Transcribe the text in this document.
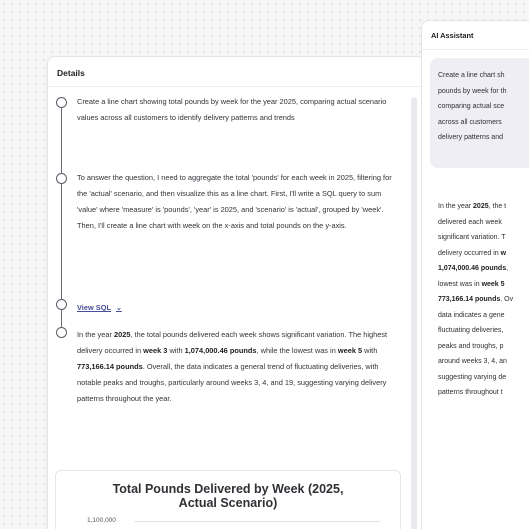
Details
Create a line chart showing total pounds by week for the year 2025, comparing actual scenario values across all customers to identify delivery patterns and trends
To answer the question, I need to aggregate the total 'pounds' for each week in 2025, filtering for the 'actual' scenario, and then visualize this as a line chart. First, I'll write a SQL query to sum 'value' where 'measure' is 'pounds', 'year' is 2025, and 'scenario' is 'actual', grouped by 'week'. Then, I'll create a line chart with week on the x-axis and total pounds on the y-axis.
View SQL ⌄
In the year 2025, the total pounds delivered each week shows significant variation. The highest delivery occurred in week 3 with 1,074,000.46 pounds, while the lowest was in week 5 with 773,166.14 pounds. Overall, the data indicates a general trend of fluctuating deliveries, with notable peaks and troughs, particularly around weeks 3, 4, and 19, suggesting varying delivery patterns throughout the year.
Total Pounds Delivered by Week (2025, Actual Scenario)
1,100,000
AI Assistant
Create a line chart sh
pounds by week for th
comparing actual sce
across all customers
delivery patterns and
In the year 2025, the t
delivered each week
significant variation. T
delivery occurred in w
1,074,000.46 pounds,
lowest was in week 5
773,166.14 pounds. Ov
data indicates a gene
fluctuating deliveries,
peaks and troughs, p
around weeks 3, 4, an
suggesting varying de
patterns throughout t
